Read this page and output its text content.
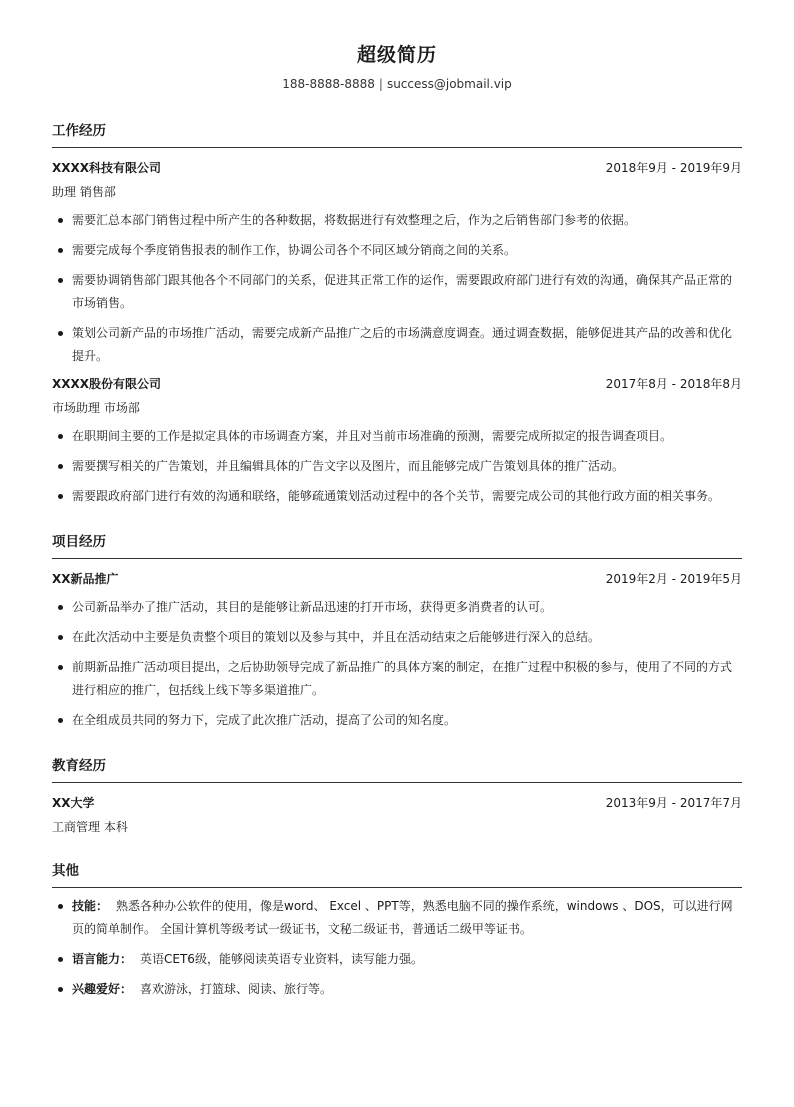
超级简历
188-8888-8888 | success@jobmail.vip
工作经历
XXXX科技有限公司	2018年9月 - 2019年9月
助理 销售部
需要汇总本部门销售过程中所产生的各种数据，将数据进行有效整理之后，作为之后销售部门参考的依据。
需要完成每个季度销售报表的制作工作，协调公司各个不同区域分销商之间的关系。
需要协调销售部门跟其他各个不同部门的关系，促进其正常工作的运作，需要跟政府部门进行有效的沟通，确保其产品正常的市场销售。
策划公司新产品的市场推广活动，需要完成新产品推广之后的市场满意度调查。通过调查数据，能够促进其产品的改善和优化提升。
XXXX股份有限公司	2017年8月 - 2018年8月
市场助理 市场部
在职期间主要的工作是拟定具体的市场调查方案，并且对当前市场准确的预测，需要完成所拟定的报告调查项目。
需要撰写相关的广告策划，并且编辑具体的广告文字以及图片，而且能够完成广告策划具体的推广活动。
需要跟政府部门进行有效的沟通和联络，能够疏通策划活动过程中的各个关节，需要完成公司的其他行政方面的相关事务。
项目经历
XX新品推广	2019年2月 - 2019年5月
公司新品举办了推广活动，其目的是能够让新品迅速的打开市场，获得更多消费者的认可。
在此次活动中主要是负责整个项目的策划以及参与其中，并且在活动结束之后能够进行深入的总结。
前期新品推广活动项目提出，之后协助领导完成了新品推广的具体方案的制定，在推广过程中积极的参与，使用了不同的方式进行相应的推广，包括线上线下等多渠道推广。
在全组成员共同的努力下，完成了此次推广活动，提高了公司的知名度。
教育经历
XX大学	2013年9月 - 2017年7月
工商管理 本科
其他
技能： 熟悉各种办公软件的使用，像是word、 Excel 、PPT等，熟悉电脑不同的操作系统，windows 、DOS，可以进行网页的简单制作。 全国计算机等级考试一级证书，文秘二级证书，普通话二级甲等证书。
语言能力： 英语CET6级，能够阅读英语专业资料，读写能力强。
兴趣爱好： 喜欢游泳，打篮球、阅读、旅行等。
